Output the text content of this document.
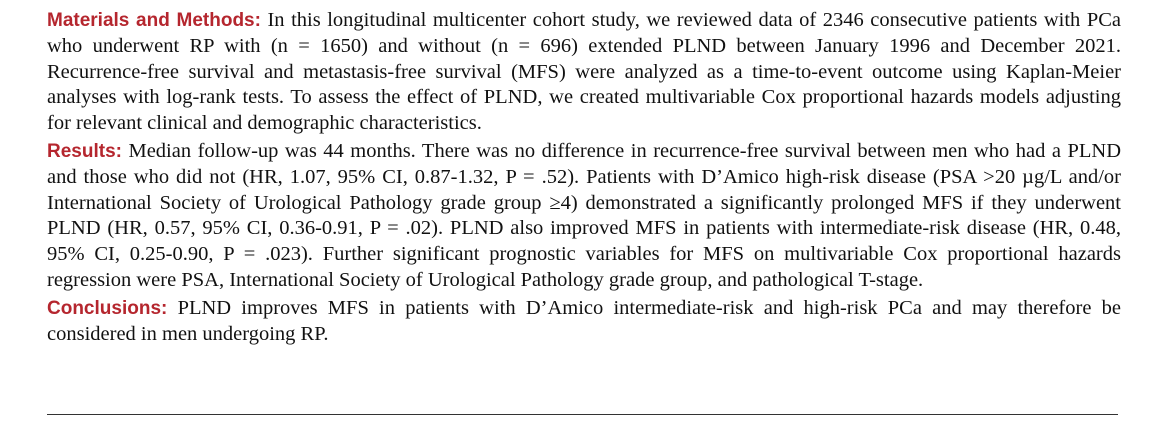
Materials and Methods: In this longitudinal multicenter cohort study, we reviewed data of 2346 consecutive patients with PCa who underwent RP with (n = 1650) and without (n = 696) extended PLND between January 1996 and December 2021. Recurrence-free survival and metastasis-free survival (MFS) were analyzed as a time-to-event outcome using Kaplan-Meier analyses with log-rank tests. To assess the effect of PLND, we created multivariable Cox proportional hazards models adjusting for relevant clinical and demographic characteristics.

Results: Median follow-up was 44 months. There was no difference in recurrence-free survival between men who had a PLND and those who did not (HR, 1.07, 95% CI, 0.87-1.32, P = .52). Patients with D’Amico high-risk disease (PSA >20 µg/L and/or International Society of Urological Pathology grade group ≥4) demonstrated a significantly prolonged MFS if they underwent PLND (HR, 0.57, 95% CI, 0.36-0.91, P = .02). PLND also improved MFS in patients with intermediate-risk disease (HR, 0.48, 95% CI, 0.25-0.90, P = .023). Further significant prognostic variables for MFS on multivariable Cox proportional hazards regression were PSA, International Society of Urological Pathology grade group, and pathological T-stage.

Conclusions: PLND improves MFS in patients with D’Amico intermediate-risk and high-risk PCa and may therefore be considered in men undergoing RP.
